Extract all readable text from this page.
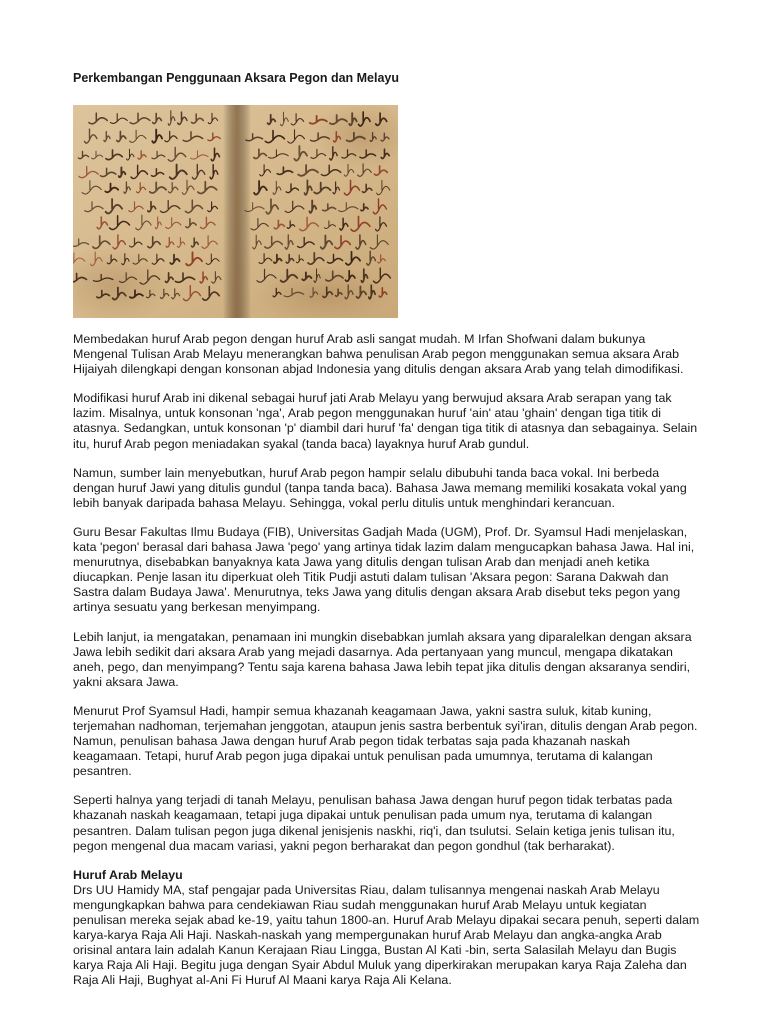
Perkembangan Penggunaan Aksara Pegon dan Melayu

Membedakan huruf Arab pegon dengan huruf Arab asli sangat mudah. M Irfan Shofwani dalam bukunya Mengenal Tulisan Arab Melayu menerangkan bahwa penulisan Arab pegon menggunakan semua aksara Arab Hijaiyah dilengkapi dengan konsonan abjad Indonesia yang ditulis dengan aksara Arab yang telah dimodifikasi.

Modifikasi huruf Arab ini dikenal sebagai huruf jati Arab Melayu yang berwujud aksara Arab serapan yang tak lazim. Misalnya, untuk konsonan 'nga', Arab pegon menggunakan huruf 'ain' atau 'ghain' dengan tiga titik di atasnya. Sedangkan, untuk konsonan 'p' diambil dari huruf 'fa' dengan tiga titik di atasnya dan sebagainya. Selain itu, huruf Arab pegon meniadakan syakal (tanda baca) layaknya huruf Arab gundul.

Namun, sumber lain menyebutkan, huruf Arab pegon hampir selalu dibubuhi tanda baca vokal. Ini berbeda dengan huruf Jawi yang ditulis gundul (tanpa tanda baca). Bahasa Jawa memang memiliki kosakata vokal yang lebih banyak daripada bahasa Melayu. Sehingga, vokal perlu ditulis untuk menghindari kerancuan.

Guru Besar Fakultas Ilmu Budaya (FIB), Universitas Gadjah Mada (UGM), Prof. Dr. Syamsul Hadi menjelaskan, kata 'pegon' berasal dari bahasa Jawa 'pego' yang artinya tidak lazim dalam mengucapkan bahasa Jawa. Hal ini, menurutnya, disebabkan banyaknya kata Jawa yang ditulis dengan tulisan Arab dan menjadi aneh ketika diucapkan. Penje lasan itu diperkuat oleh Titik Pudji astuti dalam tulisan 'Aksara pegon: Sarana Dakwah dan Sastra dalam Budaya Jawa'. Menurutnya, teks Jawa yang ditulis dengan aksara Arab disebut teks pegon yang artinya sesuatu yang berkesan menyimpang.

Lebih lanjut, ia mengatakan, penamaan ini mungkin disebabkan jumlah aksara yang diparalelkan dengan aksara Jawa lebih sedikit dari aksara Arab yang mejadi dasarnya. Ada pertanyaan yang muncul, mengapa dikatakan aneh, pego, dan menyimpang? Tentu saja karena bahasa Jawa lebih tepat jika ditulis dengan aksaranya sendiri, yakni aksara Jawa.

Menurut Prof Syamsul Hadi, hampir semua khazanah keagamaan Jawa, yakni sastra suluk, kitab kuning, terjemahan nadhoman, terjemahan jenggotan, ataupun jenis sastra berbentuk syi'iran, ditulis dengan Arab pegon. Namun, penulisan bahasa Jawa dengan huruf Arab pegon tidak terbatas saja pada khazanah naskah keagamaan. Tetapi, huruf Arab pegon juga dipakai untuk penulisan pada umumnya, terutama di kalangan pesantren.

Seperti halnya yang terjadi di tanah Melayu, penulisan bahasa Jawa dengan huruf pegon tidak terbatas pada khazanah naskah keagamaan, tetapi juga dipakai untuk penulisan pada umum nya, terutama di kalangan pesantren. Dalam tulisan pegon juga dikenal jenisjenis naskhi, riq'i, dan tsulutsi. Selain ketiga jenis tulisan itu, pegon mengenal dua macam variasi, yakni pegon berharakat dan pegon gondhul (tak berharakat).

Huruf Arab Melayu

Drs UU Hamidy MA, staf pengajar pada Universitas Riau, dalam tulisannya mengenai naskah Arab Melayu mengungkapkan bahwa para cendekiawan Riau sudah menggunakan huruf Arab Melayu untuk kegiatan penulisan mereka sejak abad ke-19, yaitu tahun 1800-an. Huruf Arab Melayu dipakai secara penuh, seperti dalam karya-karya Raja Ali Haji. Naskah-naskah yang mempergunakan huruf Arab Melayu dan angka-angka Arab orisinal antara lain adalah Kanun Kerajaan Riau Lingga, Bustan Al Kati -bin, serta Salasilah Melayu dan Bugis karya Raja Ali Haji. Begitu juga dengan Syair Abdul Muluk yang diperkirakan merupakan karya Raja Zaleha dan Raja Ali Haji, Bughyat al-Ani Fi Huruf Al Maani karya Raja Ali Kelana.
